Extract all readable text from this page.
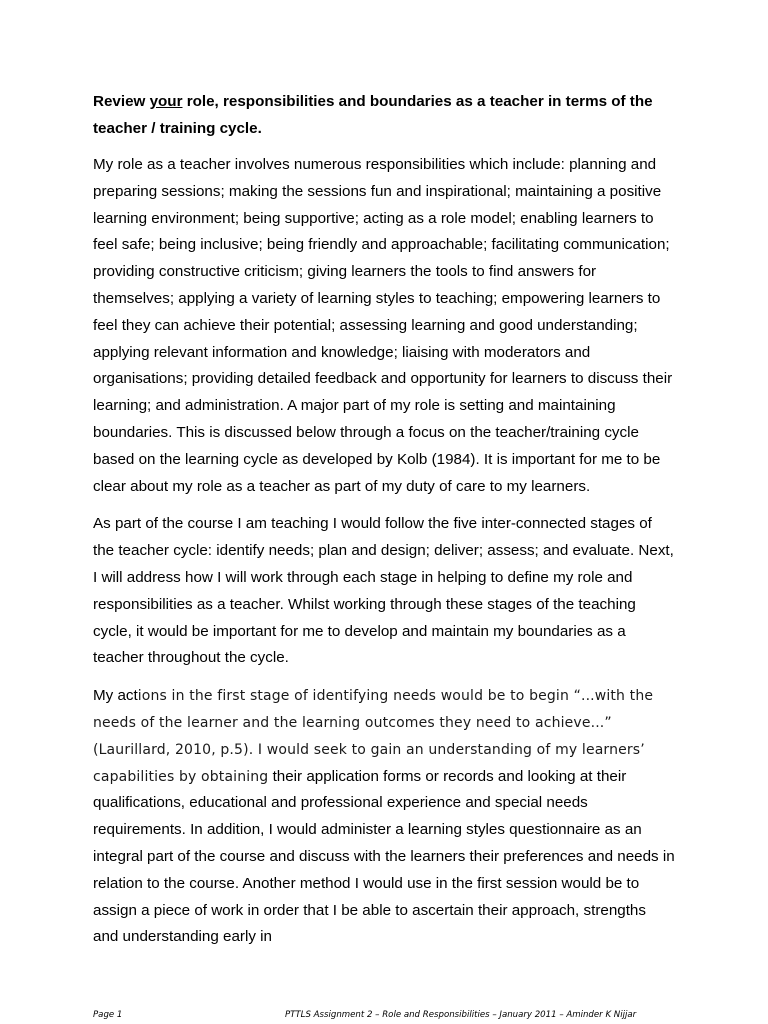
Review your role, responsibilities and boundaries as a teacher in terms of the teacher / training cycle.

My role as a teacher involves numerous responsibilities which include: planning and preparing sessions; making the sessions fun and inspirational; maintaining a positive learning environment; being supportive; acting as a role model; enabling learners to feel safe; being inclusive; being friendly and approachable; facilitating communication; providing constructive criticism; giving learners the tools to find answers for themselves; applying a variety of learning styles to teaching; empowering learners to feel they can achieve their potential; assessing learning and good understanding; applying relevant information and knowledge; liaising with moderators and organisations; providing detailed feedback and opportunity for learners to discuss their learning; and administration. A major part of my role is setting and maintaining boundaries. This is discussed below through a focus on the teacher/training cycle based on the learning cycle as developed by Kolb (1984). It is important for me to be clear about my role as a teacher as part of my duty of care to my learners.

As part of the course I am teaching I would follow the five inter-connected stages of the teacher cycle: identify needs; plan and design; deliver; assess; and evaluate. Next, I will address how I will work through each stage in helping to define my role and responsibilities as a teacher. Whilst working through these stages of the teaching cycle, it would be important for me to develop and maintain my boundaries as a teacher throughout the cycle.

My actions in the first stage of identifying needs would be to begin “...with the needs of the learner and the learning outcomes they need to achieve...” (Laurillard, 2010, p.5). I would seek to gain an understanding of my learners’ capabilities by obtaining their application forms or records and looking at their qualifications, educational and professional experience and special needs requirements. In addition, I would administer a learning styles questionnaire as an integral part of the course and discuss with the learners their preferences and needs in relation to the course. Another method I would use in the first session would be to assign a piece of work in order that I be able to ascertain their approach, strengths and understanding early in

Page 1	PTTLS Assignment 2 – Role and Responsibilities – January 2011 – Aminder K Nijjar
